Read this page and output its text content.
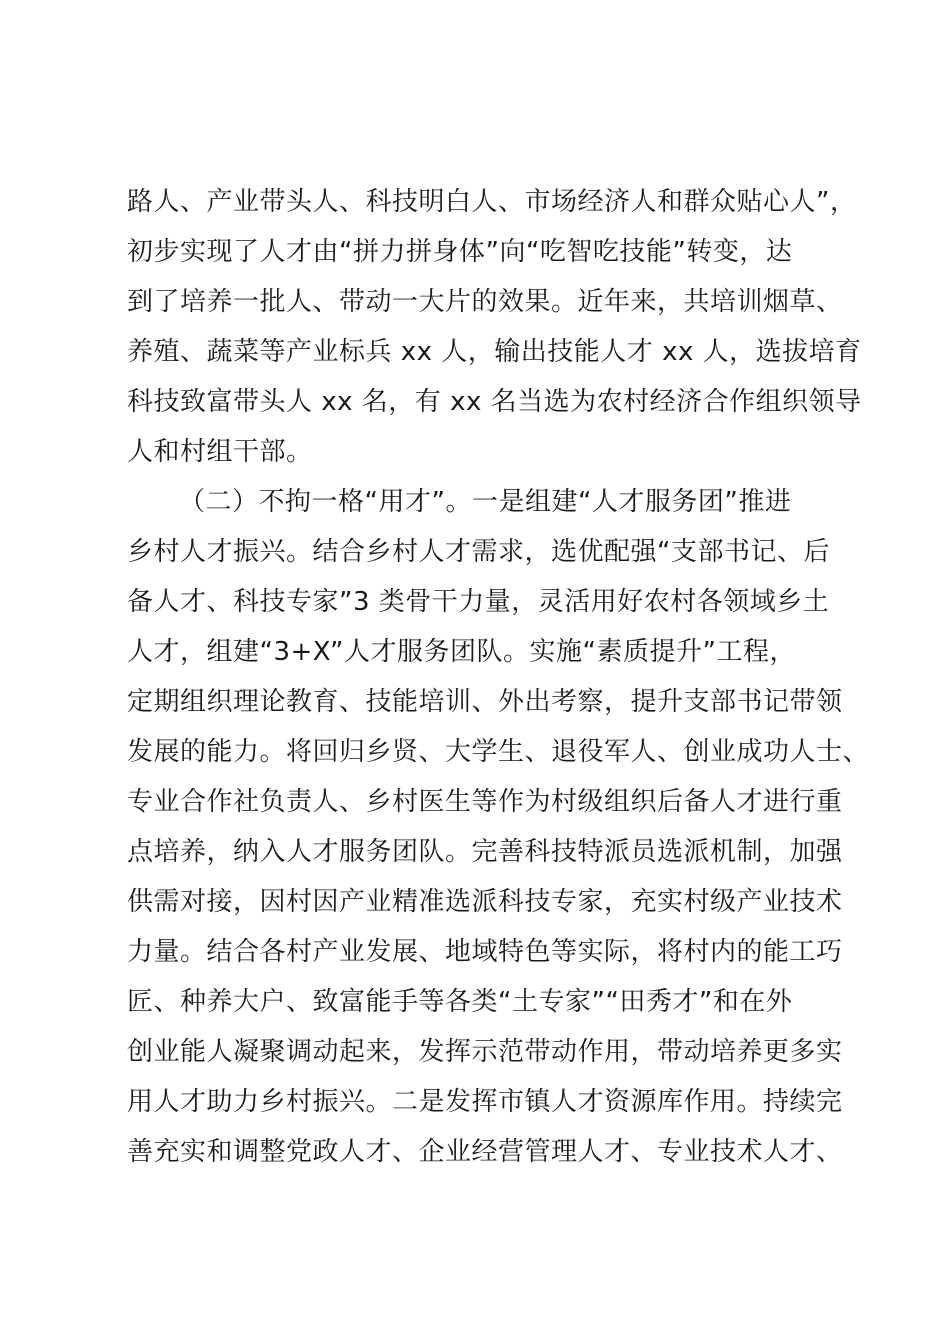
路人、产业带头人、科技明白人、市场经济人和群众贴心人”，
初步实现了人才由“拼力拼身体”向“吃智吃技能”转变，达
到了培养一批人、带动一大片的效果。近年来，共培训烟草、
养殖、蔬菜等产业标兵 xx 人，输出技能人才 xx 人，选拔培育
科技致富带头人 xx 名，有 xx 名当选为农村经济合作组织领导
人和村组干部。
（二）不拘一格“用才”。一是组建“人才服务团”推进
乡村人才振兴。结合乡村人才需求，选优配强“支部书记、后
备人才、科技专家”3 类骨干力量，灵活用好农村各领域乡土
人才，组建“3+X”人才服务团队。实施“素质提升”工程，
定期组织理论教育、技能培训、外出考察，提升支部书记带领
发展的能力。将回归乡贤、大学生、退役军人、创业成功人士、
专业合作社负责人、乡村医生等作为村级组织后备人才进行重
点培养，纳入人才服务团队。完善科技特派员选派机制，加强
供需对接，因村因产业精准选派科技专家，充实村级产业技术
力量。结合各村产业发展、地域特色等实际，将村内的能工巧
匠、种养大户、致富能手等各类“土专家”“田秀才”和在外
创业能人凝聚调动起来，发挥示范带动作用，带动培养更多实
用人才助力乡村振兴。二是发挥市镇人才资源库作用。持续完
善充实和调整党政人才、企业经营管理人才、专业技术人才、
